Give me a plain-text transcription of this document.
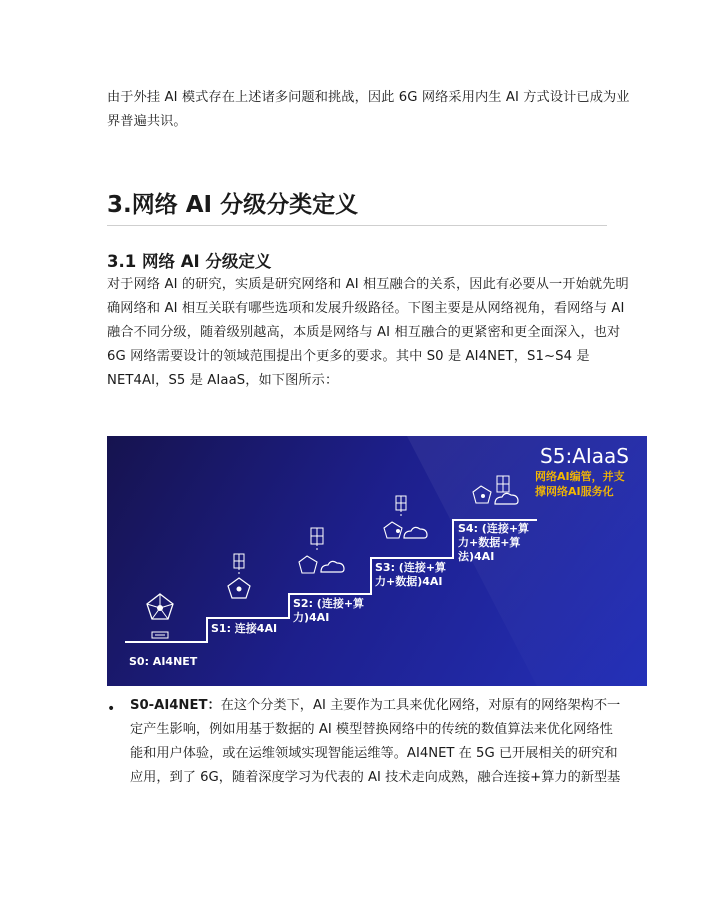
由于外挂 AI 模式存在上述诸多问题和挑战，因此 6G 网络采用内生 AI 方式设计已成为业
界普遍共识。
3.网络 AI 分级分类定义
3.1 网络 AI 分级定义
对于网络 AI 的研究，实质是研究网络和 AI 相互融合的关系，因此有必要从一开始就先明
确网络和 AI 相互关联有哪些选项和发展升级路径。下图主要是从网络视角，看网络与 AI
融合不同分级，随着级别越高，本质是网络与 AI 相互融合的更紧密和更全面深入，也对
6G 网络需要设计的领域范围提出个更多的要求。其中 S0 是 AI4NET，S1~S4 是
NET4AI，S5 是 AIaaS，如下图所示：
S5:AIaaS
网络AI编管，并支
撑网络AI服务化
S0: AI4NET
S1: 连接4AI
S2: (连接+算
力)4AI
S3: (连接+算
力+数据)4AI
S4: (连接+算
力+数据+算
法)4AI
• S0-AI4NET：在这个分类下，AI 主要作为工具来优化网络，对原有的网络架构不一
定产生影响，例如用基于数据的 AI 模型替换网络中的传统的数值算法来优化网络性
能和用户体验，或在运维领域实现智能运维等。AI4NET 在 5G 已开展相关的研究和
应用，到了 6G，随着深度学习为代表的 AI 技术走向成熟，融合连接+算力的新型基
